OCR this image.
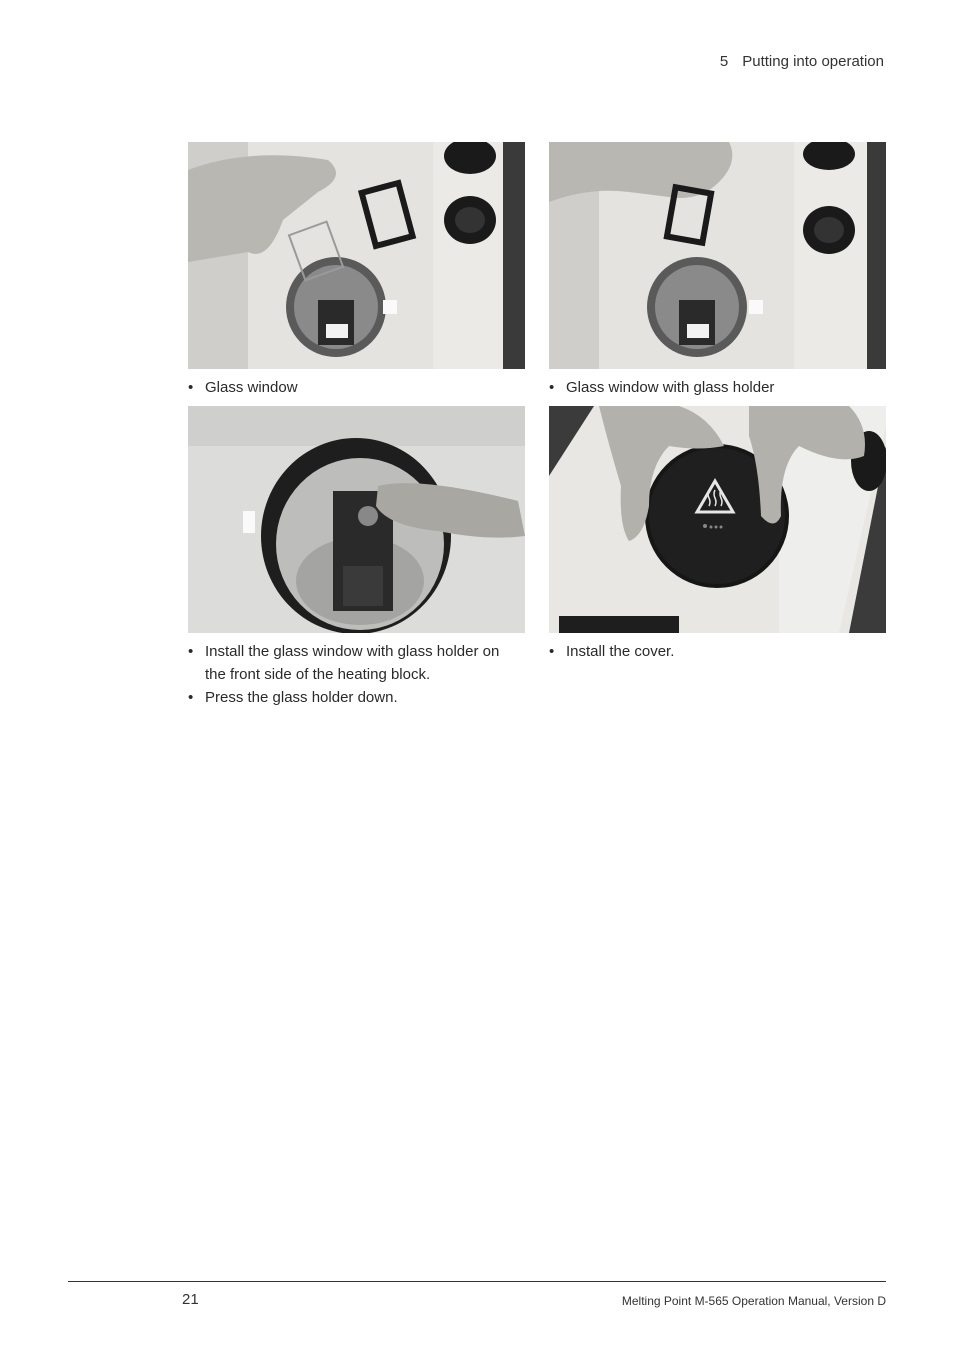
5 Putting into operation
• Glass window
•	Glass window with glass holder
• Install the glass window with glass holder on the front side of the heating block.
• Press the glass holder down.
• Install the cover.
21	Melting Point M-565 Operation Manual, Version D
